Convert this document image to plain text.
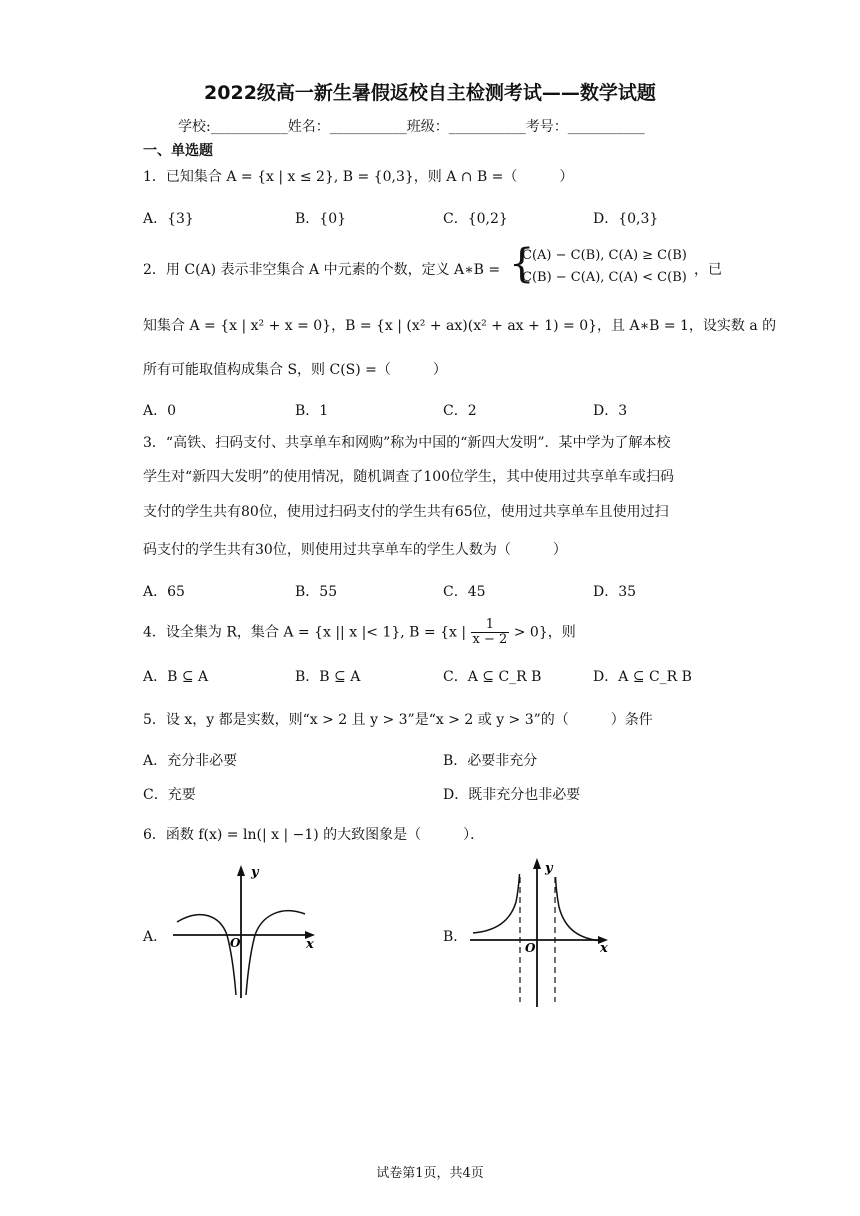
2022级高一新生暑假返校自主检测考试——数学试题
学校:___________姓名：___________班级：___________考号：___________
一、单选题
1．已知集合 A = {x | x ≤ 2}, B = {0,3}，则 A ∩ B =（　　　）
A．{3}	B．{0}	C．{0,2}	D．{0,3}
2．用 C(A) 表示非空集合 A 中元素的个数，定义 A∗B = {
C(A) − C(B), C(A) ≥ C(B)
C(B) − C(A), C(A) < C(B) ，已
知集合 A = {x | x² + x = 0}，B = {x | (x² + ax)(x² + ax + 1) = 0}，且 A∗B = 1，设实数 a 的
所有可能取值构成集合 S，则 C(S) =（　　　）
A．0	B．1	C．2	D．3
3．“高铁、扫码支付、共享单车和网购”称为中国的“新四大发明”．某中学为了解本校
学生对“新四大发明”的使用情况，随机调查了100位学生，其中使用过共享单车或扫码
支付的学生共有80位，使用过扫码支付的学生共有65位，使用过共享单车且使用过扫
码支付的学生共有30位，则使用过共享单车的学生人数为（　　　）
A．65	B．55	C．45	D．35
4．设全集为 R，集合 A = {x || x |< 1}, B = {x | $\frac{1}{x - 2} > 0$}，则
A．B ⊆ A	B．B ⊆ A	C．A ⊆ C_R B	D．A ⊆ C_R B
5．设 x，y 都是实数，则“x > 2 且 y > 3”是“x > 2 或 y > 3”的（　　　）条件
A．充分非必要	B．必要非充分
C．充要	D．既非充分也非必要
6．函数 f(x) = ln(| x | −1) 的大致图象是（　　　）．
A．	B．
y
x
O
y
x
O
试卷第1页，共4页
